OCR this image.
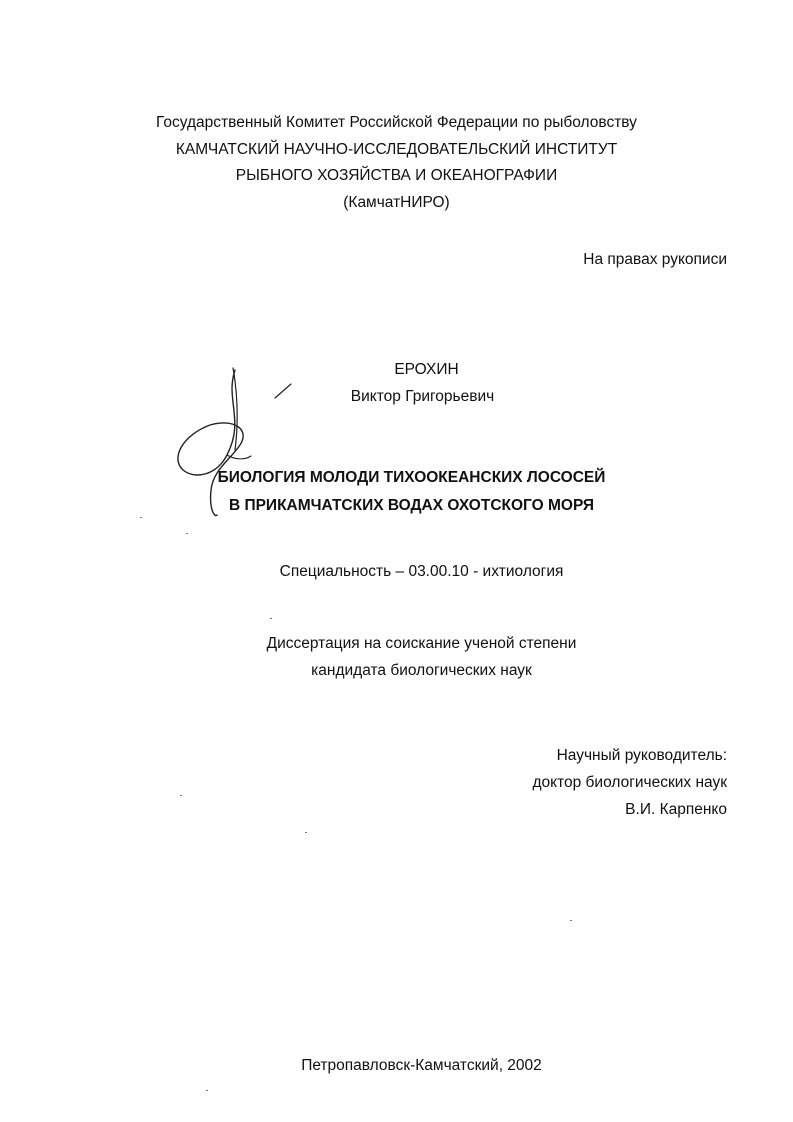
Государственный Комитет Российской Федерации по рыболовству
КАМЧАТСКИЙ НАУЧНО-ИССЛЕДОВАТЕЛЬСКИЙ ИНСТИТУТ
РЫБНОГО ХОЗЯЙСТВА И ОКЕАНОГРАФИИ
(КамчатНИРО)
На правах рукописи
ЕРОХИН
Виктор Григорьевич
БИОЛОГИЯ МОЛОДИ ТИХООКЕАНСКИХ ЛОСОСЕЙ
В ПРИКАМЧАТСКИХ ВОДАХ ОХОТСКОГО МОРЯ
Специальность – 03.00.10 - ихтиология
Диссертация на соискание ученой степени
кандидата биологических наук
Научный руководитель:
доктор биологических наук
В.И. Карпенко
Петропавловск-Камчатский, 2002
